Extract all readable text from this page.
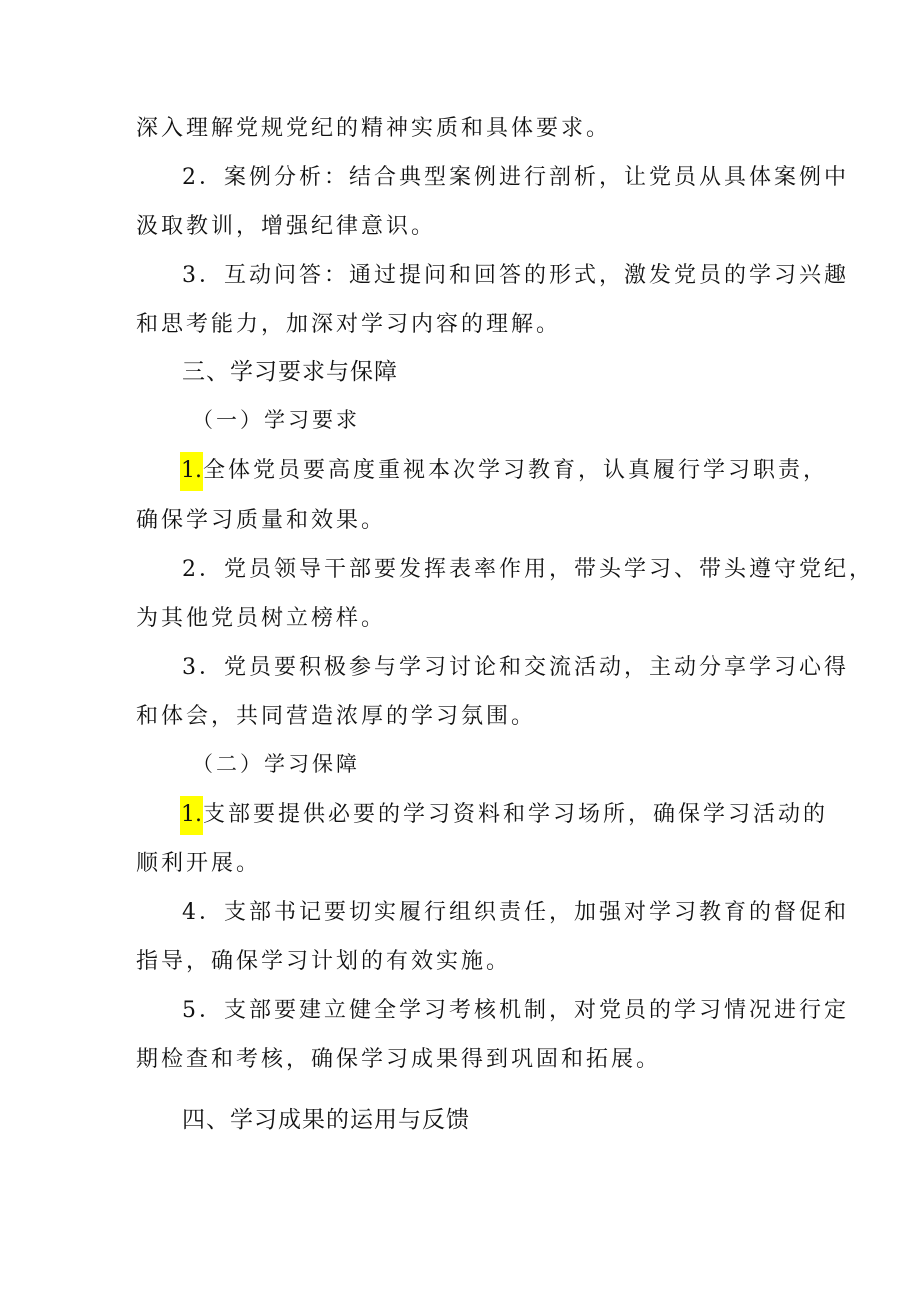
深入理解党规党纪的精神实质和具体要求。
2．案例分析：结合典型案例进行剖析，让党员从具体案例中
汲取教训，增强纪律意识。
3．互动问答：通过提问和回答的形式，激发党员的学习兴趣
和思考能力，加深对学习内容的理解。
三、学习要求与保障
（一）学习要求
1.全体党员要高度重视本次学习教育，认真履行学习职责，
确保学习质量和效果。
2．党员领导干部要发挥表率作用，带头学习、带头遵守党纪，
为其他党员树立榜样。
3．党员要积极参与学习讨论和交流活动，主动分享学习心得
和体会，共同营造浓厚的学习氛围。
（二）学习保障
1.支部要提供必要的学习资料和学习场所，确保学习活动的
顺利开展。
4．支部书记要切实履行组织责任，加强对学习教育的督促和
指导，确保学习计划的有效实施。
5．支部要建立健全学习考核机制，对党员的学习情况进行定
期检查和考核，确保学习成果得到巩固和拓展。
四、学习成果的运用与反馈
